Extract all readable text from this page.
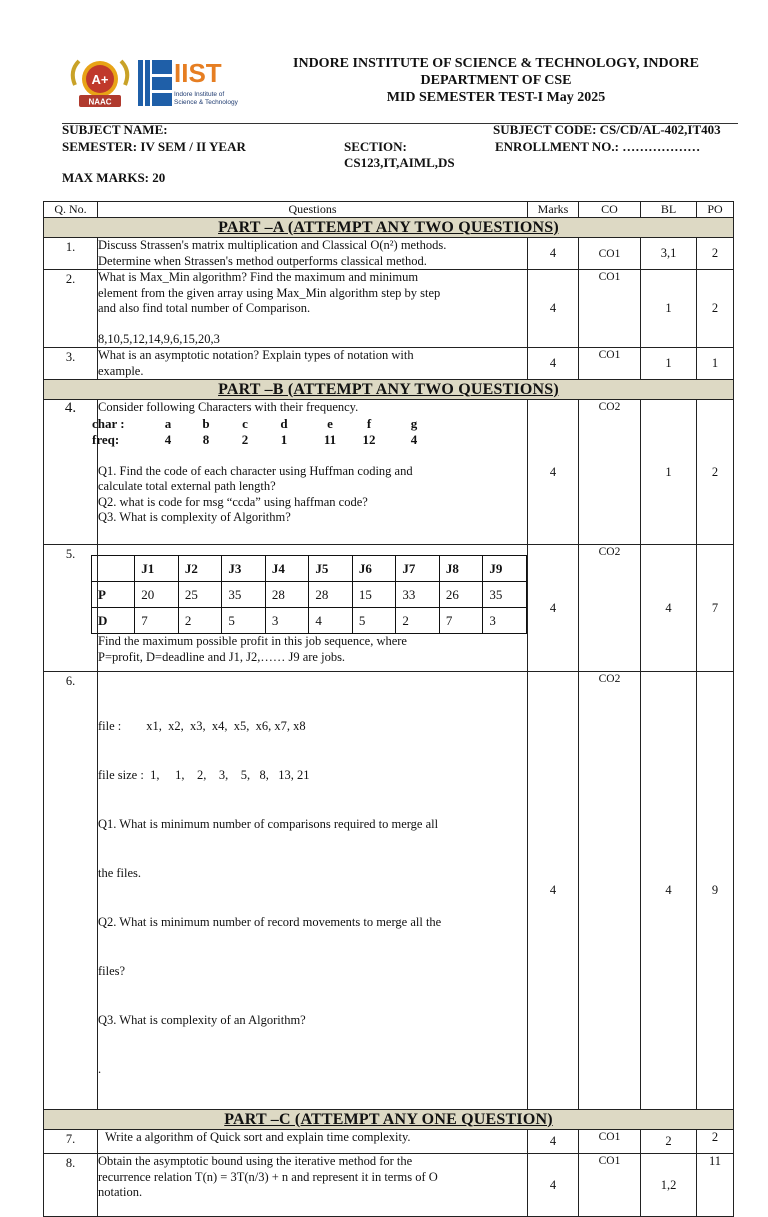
A+
NAAC
IIST
Indore Institute of
Science & Technology
INDORE INSTITUTE OF SCIENCE & TECHNOLOGY, INDORE
DEPARTMENT OF CSE
MID SEMESTER TEST-I May 2025
SUBJECT NAME:	SUBJECT CODE: CS/CD/AL-402,IT403
SEMESTER: IV SEM / II YEAR	SECTION:	ENROLLMENT NO.: ………………
CS123,IT,AIML,DS
MAX MARKS: 20
Q. No.	Questions	Marks	CO	BL	PO
PART –A (ATTEMPT ANY TWO QUESTIONS)
1.	Discuss Strassen's matrix multiplication and Classical O(n²) methods.

Determine when Strassen's method outperforms classical method.

	4	CO1	3,1	2
2.	What is Max_Min algorithm? Find the maximum and minimum

element from the given array using Max_Min algorithm step by step

and also find total number of Comparison.

8,10,5,12,14,9,6,15,20,3

	4	CO1	1	2
3.	What is an asymptotic notation? Explain types of notation with

example.

	4	CO1	1	1
PART –B (ATTEMPT ANY TWO QUESTIONS)
4.	Consider following Characters with their frequency.

char :	a	b	c	d	e	f	g
freq:	4	8	2	1	11	12	4

Q1. Find the code of each character using Huffman coding and

calculate total external path length?

Q2. what is code for msg “ccda” using haffman code?

Q3. What is complexity of Algorithm?

	4	CO2	1	2
5.	
	J1	J2	J3	J4	J5	J6	J7	J8	J9
P	20	25	35	28	28	15	33	26	35
D	7	2	5	3	4	5	2	7	3

Find the maximum possible profit in this job sequence, where

P=profit, D=deadline and J1, J2,…… J9 are jobs.

	4	CO2	4	7
6.	

file :        x1,  x2,  x3,  x4,  x5,  x6, x7, x8

file size :  1,     1,    2,    3,    5,   8,   13, 21

Q1. What is minimum number of comparisons required to merge all

the files.

Q2. What is minimum number of record movements to merge all the

files?

Q3. What is complexity of an Algorithm?

.

	4	CO2	4	9
PART –C (ATTEMPT ANY ONE QUESTION)
7.	Write a algorithm of Quick sort and explain time complexity.	4	CO1	2	2
8.	Obtain the asymptotic bound using the iterative method for the

recurrence relation T(n) = 3T(n/3) + n and represent it in terms of O

notation.

	4	CO1	1,2	11
